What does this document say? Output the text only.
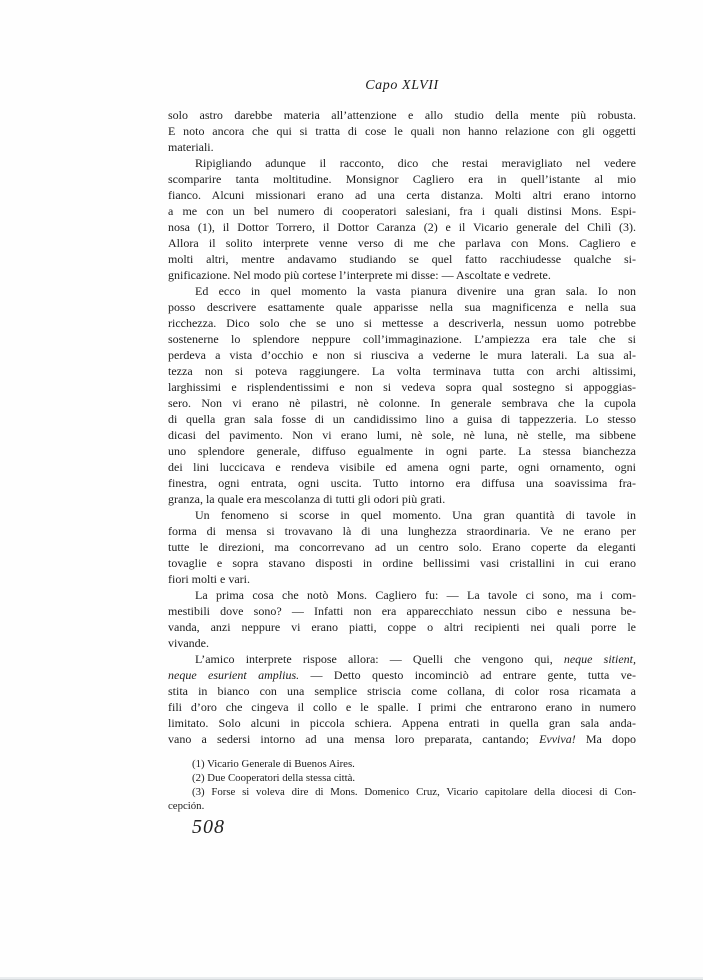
Capo XLVII
solo astro darebbe materia all’attenzione e allo studio della mente più robusta.
E noto ancora che qui si tratta di cose le quali non hanno relazione con gli oggetti
materiali.
Ripigliando adunque il racconto, dico che restai meravigliato nel vedere
scomparire tanta moltitudine. Monsignor Cagliero era in quell’istante al mio
fianco. Alcuni missionari erano ad una certa distanza. Molti altri erano intorno
a me con un bel numero di cooperatori salesiani, fra i quali distinsi Mons. Espi-
nosa (1), il Dottor Torrero, il Dottor Caranza (2) e il Vicario generale del Chilì (3).
Allora il solito interprete venne verso di me che parlava con Mons. Cagliero e
molti altri, mentre andavamo studiando se quel fatto racchiudesse qualche si-
gnificazione. Nel modo più cortese l’interprete mi disse: — Ascoltate e vedrete.
Ed ecco in quel momento la vasta pianura divenire una gran sala. Io non
posso descrivere esattamente quale apparisse nella sua magnificenza e nella sua
ricchezza. Dico solo che se uno si mettesse a descriverla, nessun uomo potrebbe
sostenerne lo splendore neppure coll’immaginazione. L’ampiezza era tale che si
perdeva a vista d’occhio e non si riusciva a vederne le mura laterali. La sua al-
tezza non si poteva raggiungere. La volta terminava tutta con archi altissimi,
larghissimi e risplendentissimi e non si vedeva sopra qual sostegno si appoggias-
sero. Non vi erano nè pilastri, nè colonne. In generale sembrava che la cupola
di quella gran sala fosse di un candidissimo lino a guisa di tappezzeria. Lo stesso
dicasi del pavimento. Non vi erano lumi, nè sole, nè luna, nè stelle, ma sibbene
uno splendore generale, diffuso egualmente in ogni parte. La stessa bianchezza
dei lini luccicava e rendeva visibile ed amena ogni parte, ogni ornamento, ogni
finestra, ogni entrata, ogni uscita. Tutto intorno era diffusa una soavissima fra-
granza, la quale era mescolanza di tutti gli odori più grati.
Un fenomeno si scorse in quel momento. Una gran quantità di tavole in
forma di mensa si trovavano là di una lunghezza straordinaria. Ve ne erano per
tutte le direzioni, ma concorrevano ad un centro solo. Erano coperte da eleganti
tovaglie e sopra stavano disposti in ordine bellissimi vasi cristallini in cui erano
fiori molti e vari.
La prima cosa che notò Mons. Cagliero fu: — La tavole ci sono, ma i com-
mestibili dove sono? — Infatti non era apparecchiato nessun cibo e nessuna be-
vanda, anzi neppure vi erano piatti, coppe o altri recipienti nei quali porre le
vivande.
L’amico interprete rispose allora: — Quelli che vengono qui, neque sitient,
neque esurient amplius. — Detto questo incominciò ad entrare gente, tutta ve-
stita in bianco con una semplice striscia come collana, di color rosa ricamata a
fili d’oro che cingeva il collo e le spalle. I primi che entrarono erano in numero
limitato. Solo alcuni in piccola schiera. Appena entrati in quella gran sala anda-
vano a sedersi intorno ad una mensa loro preparata, cantando; Evviva! Ma dopo
(1) Vicario Generale di Buenos Aires.
(2) Due Cooperatori della stessa città.
(3) Forse si voleva dire di Mons. Domenico Cruz, Vicario capitolare della diocesi di Con-
cepción.
508
